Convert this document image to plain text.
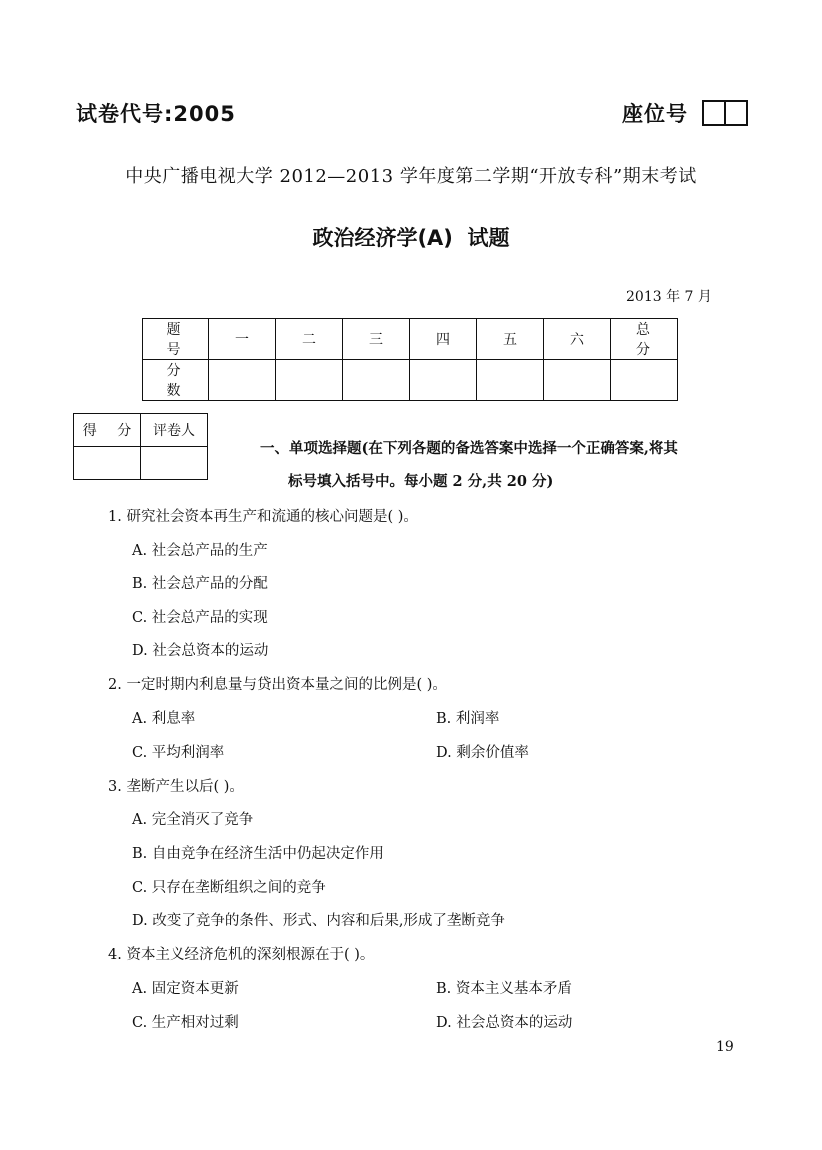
试卷代号:2005	座位号
中央广播电视大学 2012—2013 学年度第二学期“开放专科”期末考试
政治经济学(A)  试题
2013 年 7 月
题 号	一	二	三	四	五	六	总 分
分 数							
得 分	评卷人

一、单项选择题(在下列各题的备选答案中选择一个正确答案,将其
标号填入括号中。每小题 2 分,共 20 分)
1. 研究社会资本再生产和流通的核心问题是( )。
A. 社会总产品的生产
B. 社会总产品的分配
C. 社会总产品的实现
D. 社会总资本的运动
2. 一定时期内利息量与贷出资本量之间的比例是( )。
A. 利息率	B. 利润率
C. 平均利润率	D. 剩余价值率
3. 垄断产生以后( )。
A. 完全消灭了竞争
B. 自由竞争在经济生活中仍起决定作用
C. 只存在垄断组织之间的竞争
D. 改变了竞争的条件、形式、内容和后果,形成了垄断竞争
4. 资本主义经济危机的深刻根源在于( )。
A. 固定资本更新	B. 资本主义基本矛盾
C. 生产相对过剩	D. 社会总资本的运动
19
